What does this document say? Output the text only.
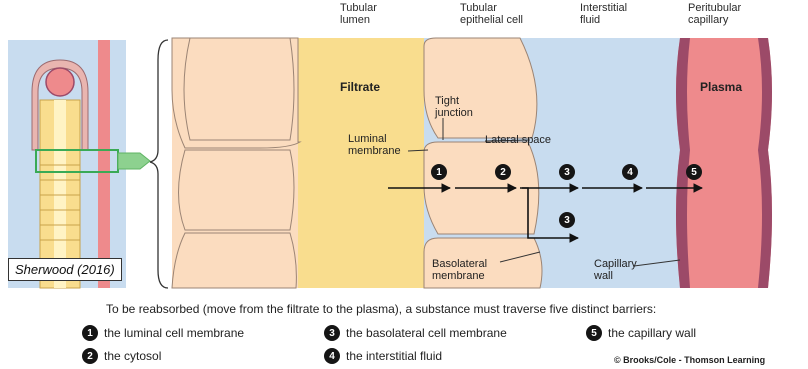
Tubular
lumen
Tubular
epithelial cell
Interstitial
fluid
Peritubular
capillary
1	2	3	4	5
3
Filtrate	Plasma
Tight
junction
Luminal
membrane
Lateral space
Basolateral
membrane
Capillary
wall
Sherwood (2016)
To be reabsorbed (move from the filtrate to the plasma), a substance must traverse five distinct barriers:
1 the luminal cell membrane
2 the cytosol
3 the basolateral cell membrane
4 the interstitial fluid
5 the capillary wall
© Brooks/Cole - Thomson Learning
